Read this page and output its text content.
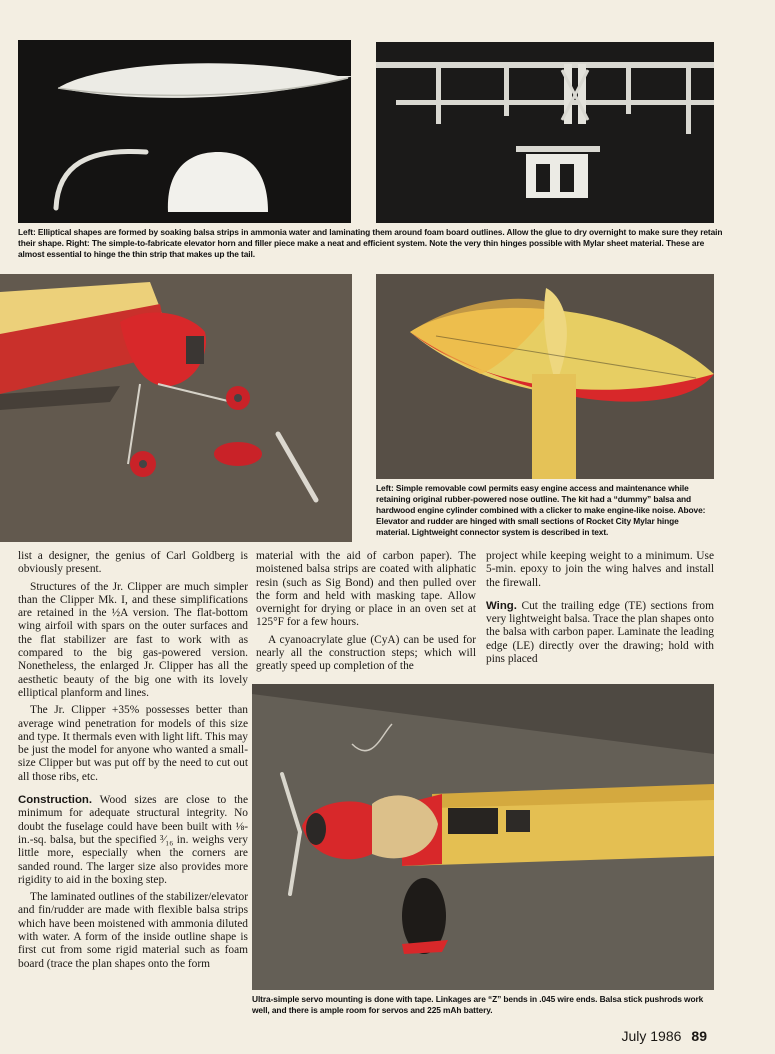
Left: Elliptical shapes are formed by soaking balsa strips in ammonia water and laminating them around foam board outlines. Allow the glue to dry overnight to make sure they retain their shape. Right: The simple-to-fabricate elevator horn and filler piece make a neat and efficient system. Note the very thin hinges possible with Mylar sheet material. These are almost essential to hinge the thin strip that makes up the tail.

Left: Simple removable cowl permits easy engine access and maintenance while retaining original rubber-powered nose outline. The kit had a “dummy” balsa and hardwood engine cylinder combined with a clicker to make engine-like noise. Above: Elevator and rudder are hinged with small sections of Rocket City Mylar hinge material. Lightweight connector system is described in text.

list a designer, the genius of Carl Goldberg is obviously present.

Structures of the Jr. Clipper are much simpler than the Clipper Mk. I, and these simplifications are retained in the ½A version. The flat-bottom wing airfoil with spars on the outer surfaces and the flat stabilizer are fast to work with as compared to the big gas-powered version. Nonetheless, the enlarged Jr. Clipper has all the aesthetic beauty of the big one with its lovely elliptical planform and lines.

The Jr. Clipper +35% possesses better than average wind penetration for models of this size and type. It thermals even with light lift. This may be just the model for anyone who wanted a small-size Clipper but was put off by the need to cut out all those ribs, etc.

Construction. Wood sizes are close to the minimum for adequate structural integrity. No doubt the fuselage could have been built with ⅛-in.-sq. balsa, but the specified ³⁄₁₆ in. weighs very little more, especially when the corners are sanded round. The larger size also provides more rigidity to aid in the boxing step.

The laminated outlines of the stabilizer/elevator and fin/rudder are made with flexible balsa strips which have been moistened with ammonia diluted with water. A form of the inside outline shape is first cut from some rigid material such as foam board (trace the plan shapes onto the form

material with the aid of carbon paper). The moistened balsa strips are coated with aliphatic resin (such as Sig Bond) and then pulled over the form and held with masking tape. Allow overnight for drying or place in an oven set at 125°F for a few hours.

A cyanoacrylate glue (CyA) can be used for nearly all the construction steps; which will greatly speed up completion of the

project while keeping weight to a minimum. Use 5-min. epoxy to join the wing halves and install the firewall.

Wing. Cut the trailing edge (TE) sections from very lightweight balsa. Trace the plan shapes onto the balsa with carbon paper. Laminate the leading edge (LE) directly over the drawing; hold with pins placed

Ultra-simple servo mounting is done with tape. Linkages are “Z” bends in .045 wire ends. Balsa stick pushrods work well, and there is ample room for servos and 225 mAh battery.

July 1986 89
